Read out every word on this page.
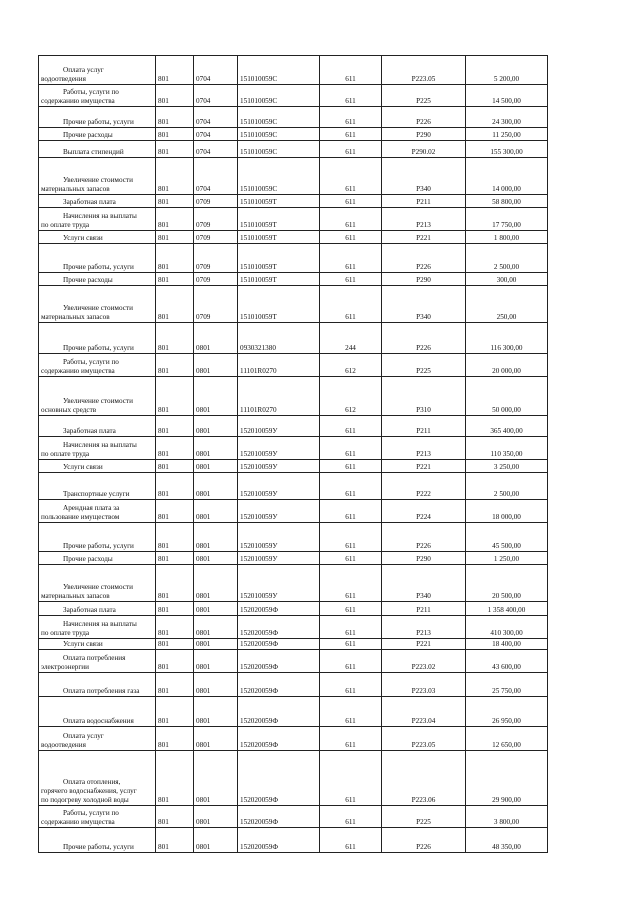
Оплата услуг
водоотведения	801	0704	151010059С	611	Р223.05	5 200,00

Работы, услуги по
содержанию имущества	801	0704	151010059С	611	Р225	14 500,00

Прочие работы, услуги	801	0704	151010059С	611	Р226	24 300,00

Прочие расходы	801	0704	151010059С	611	Р290	11 250,00

Выплата стипендий	801	0704	151010059С	611	Р290.02	155 300,00

Увеличение стоимости
материальных запасов	801	0704	151010059С	611	Р340	14 000,00

Заработная плата	801	0709	151010059Т	611	Р211	58 800,00

Начисления на выплаты
по оплате труда	801	0709	151010059Т	611	Р213	17 750,00

Услуги связи	801	0709	151010059Т	611	Р221	1 800,00

Прочие работы, услуги	801	0709	151010059Т	611	Р226	2 500,00

Прочие расходы	801	0709	151010059Т	611	Р290	300,00

Увеличение стоимости
материальных запасов	801	0709	151010059Т	611	Р340	250,00

Прочие работы, услуги	801	0801	0930321380	244	Р226	116 300,00

Работы, услуги по
содержанию имущества	801	0801	11101R0270	612	Р225	20 000,00

Увеличение стоимости
основных средств	801	0801	11101R0270	612	Р310	50 000,00

Заработная плата	801	0801	152010059У	611	Р211	365 400,00

Начисления на выплаты
по оплате труда	801	0801	152010059У	611	Р213	110 350,00

Услуги связи	801	0801	152010059У	611	Р221	3 250,00

Транспортные услуги	801	0801	152010059У	611	Р222	2 500,00

Арендная плата за
пользование имуществом	801	0801	152010059У	611	Р224	18 000,00

Прочие работы, услуги	801	0801	152010059У	611	Р226	45 500,00

Прочие расходы	801	0801	152010059У	611	Р290	1 250,00

Увеличение стоимости
материальных запасов	801	0801	152010059У	611	Р340	20 500,00

Заработная плата	801	0801	152020059Ф	611	Р211	1 358 400,00

Начисления на выплаты
по оплате труда	801	0801	152020059Ф	611	Р213	410 300,00

Услуги связи	801	0801	152020059Ф	611	Р221	18 400,00

Оплата потребления
электроэнергии	801	0801	152020059Ф	611	Р223.02	43 600,00

Оплата потребления газа	801	0801	152020059Ф	611	Р223.03	25 750,00

Оплата водоснабжения	801	0801	152020059Ф	611	Р223.04	26 950,00

Оплата услуг
водоотведения	801	0801	152020059Ф	611	Р223.05	12 650,00

Оплата отопления,
горячего водоснабжения, услуг
по подогреву холодной воды	801	0801	152020059Ф	611	Р223.06	29 900,00

Работы, услуги по
содержанию имущества	801	0801	152020059Ф	611	Р225	3 800,00

Прочие работы, услуги	801	0801	152020059Ф	611	Р226	48 350,00
